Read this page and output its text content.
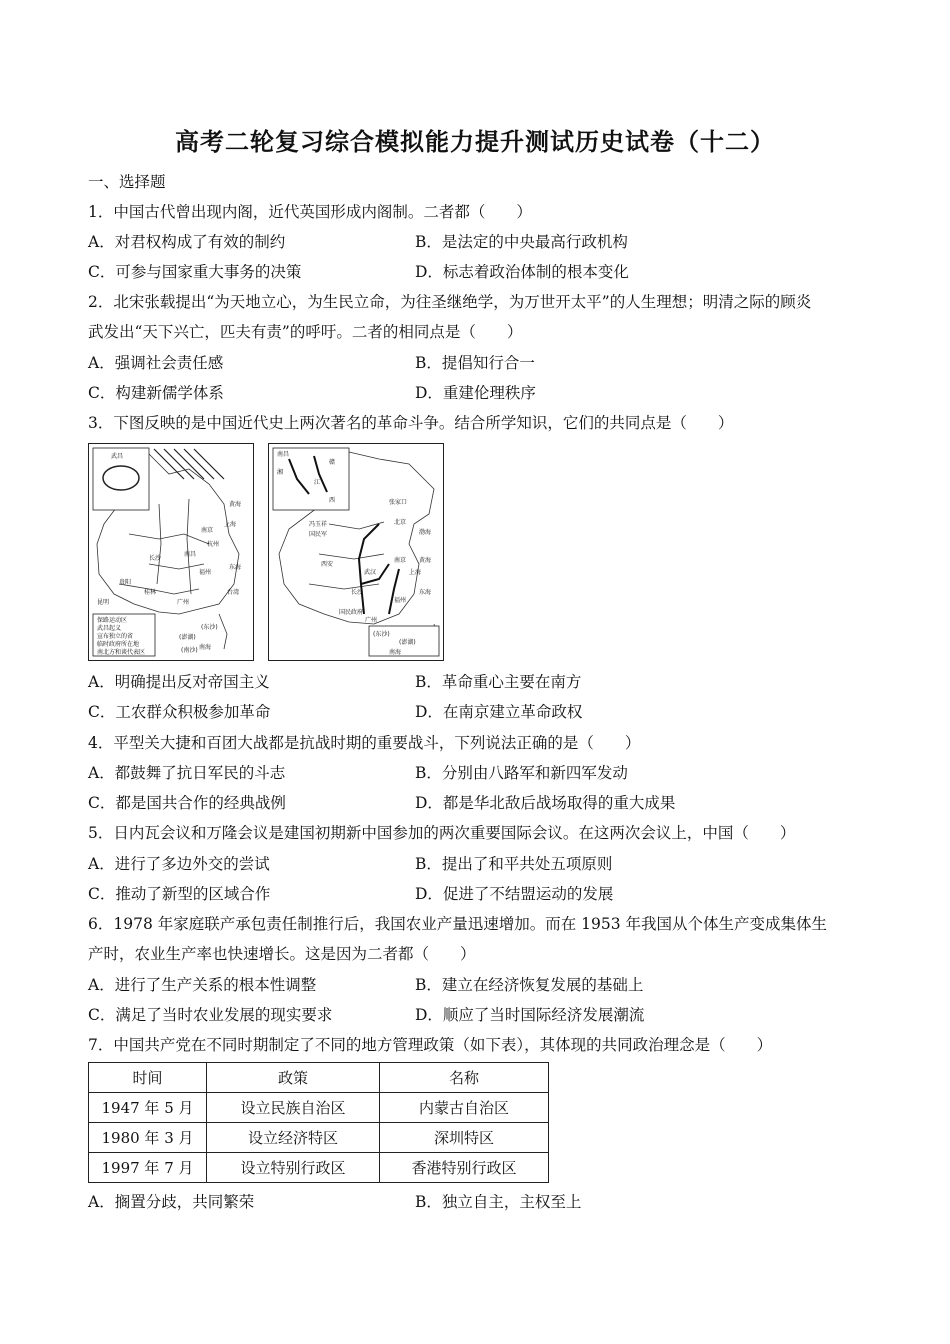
高考二轮复习综合模拟能力提升测试历史试卷（十二）
一、选择题
1．中国古代曾出现内阁，近代英国形成内阁制。二者都（　　）
A．对君权构成了有效的制约	B．是法定的中央最高行政机构
C．可参与国家重大事务的决策	D．标志着政治体制的根本变化
2．北宋张载提出“为天地立心，为生民立命，为往圣继绝学，为万世开太平”的人生理想；明清之际的顾炎
武发出“天下兴亡，匹夫有责”的呼吁。二者的相同点是（　　）
A．强调社会责任感	B．提倡知行合一
C．构建新儒学体系	D．重建伦理秩序
3．下图反映的是中国近代史上两次著名的革命斗争。结合所学知识，它们的共同点是（　　）
武昌
黄海
南京
杭州
长沙
南昌
福州
贵阳
桂林
昆明
上海
东海
台湾
广州
南海
(东沙)
(澎湖)
(南沙)
保路运动区
武昌起义
宣布独立的省
临时政府所在地
南北方和谈代表区
南昌
湘
江
赣
西	张家口
北京
渤海
黄海
冯玉祥
国民军
西安
武汉
南京
上海
长沙
福州
广州
东海
南海
国民政府
(东沙)
(澎湖)
A．明确提出反对帝国主义	B．革命重心主要在南方
C．工农群众积极参加革命	D．在南京建立革命政权
4．平型关大捷和百团大战都是抗战时期的重要战斗，下列说法正确的是（　　）
A．都鼓舞了抗日军民的斗志	B．分别由八路军和新四军发动
C．都是国共合作的经典战例	D．都是华北敌后战场取得的重大成果
5．日内瓦会议和万隆会议是建国初期新中国参加的两次重要国际会议。在这两次会议上，中国（　　）
A．进行了多边外交的尝试	B．提出了和平共处五项原则
C．推动了新型的区域合作	D．促进了不结盟运动的发展
6．1978 年家庭联产承包责任制推行后，我国农业产量迅速增加。而在 1953 年我国从个体生产变成集体生
产时，农业生产率也快速增长。这是因为二者都（　　）
A．进行了生产关系的根本性调整	B．建立在经济恢复发展的基础上
C．满足了当时农业发展的现实要求	D．顺应了当时国际经济发展潮流
7．中国共产党在不同时期制定了不同的地方管理政策（如下表），其体现的共同政治理念是（　　）
时间	政策	名称
1947 年 5 月	设立民族自治区	内蒙古自治区
1980 年 3 月	设立经济特区	深圳特区
1997 年 7 月	设立特别行政区	香港特别行政区
A．搁置分歧，共同繁荣	B．独立自主，主权至上
